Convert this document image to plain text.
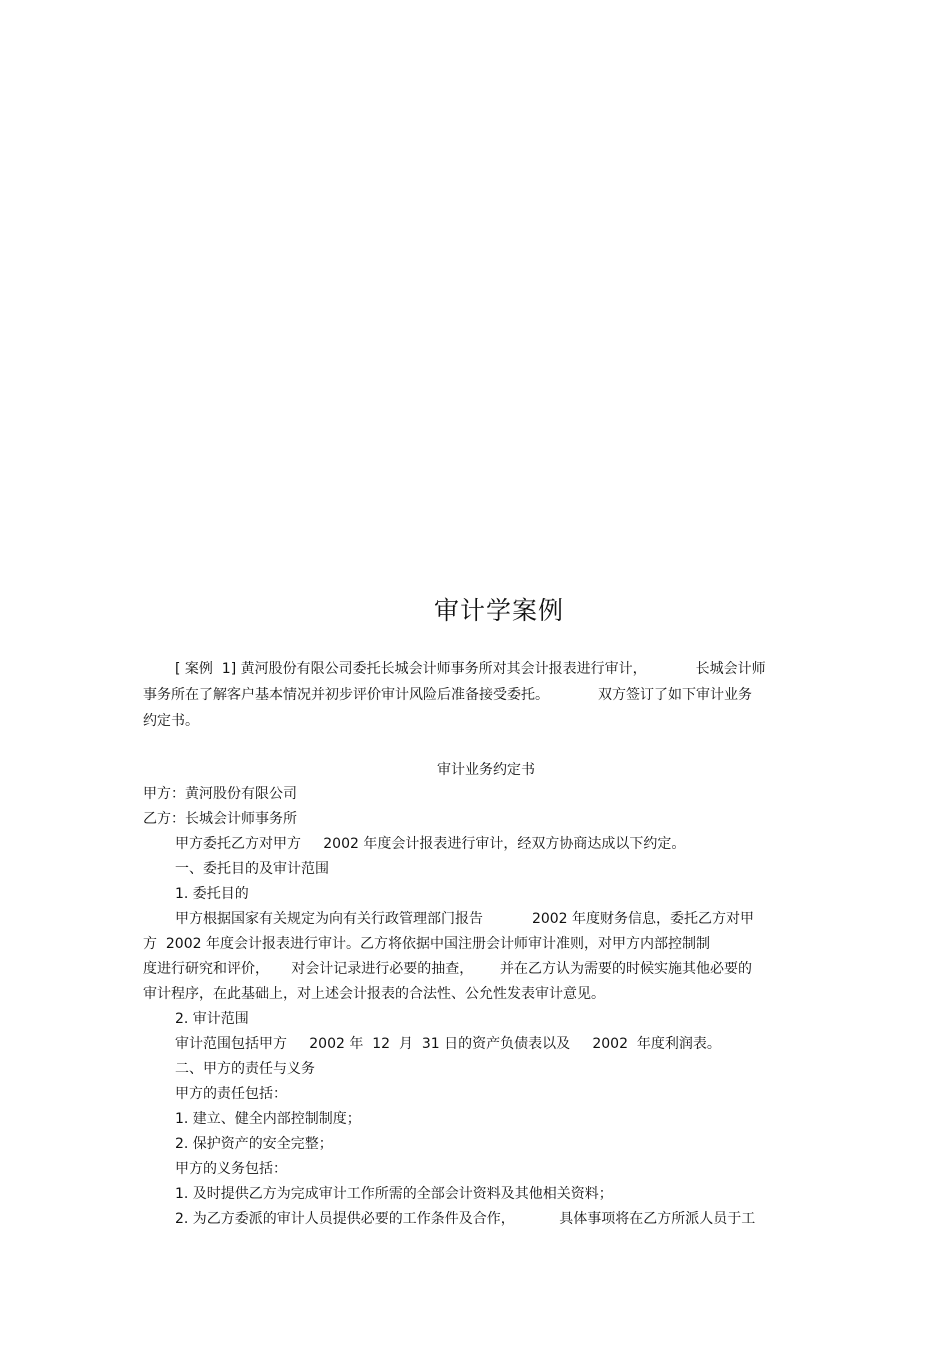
审计学案例
[ 案例  1] 黄河股份有限公司委托长城会计师事务所对其会计报表进行审计，           长城会计师
事务所在了解客户基本情况并初步评价审计风险后准备接受委托。           双方签订了如下审计业务
约定书。
审计业务约定书
甲方：黄河股份有限公司
乙方：长城会计师事务所
甲方委托乙方对甲方     2002 年度会计报表进行审计，经双方协商达成以下约定。
一、委托目的及审计范围
1. 委托目的
甲方根据国家有关规定为向有关行政管理部门报告           2002 年度财务信息，委托乙方对甲
方  2002 年度会计报表进行审计。乙方将依据中国注册会计师审计准则，对甲方内部控制制
度进行研究和评价，     对会计记录进行必要的抽查，      并在乙方认为需要的时候实施其他必要的
审计程序，在此基础上，对上述会计报表的合法性、公允性发表审计意见。
2. 审计范围
审计范围包括甲方     2002 年  12  月  31 日的资产负债表以及     2002  年度利润表。
二、甲方的责任与义务
甲方的责任包括：
1. 建立、健全内部控制制度；
2. 保护资产的安全完整；
甲方的义务包括：
1. 及时提供乙方为完成审计工作所需的全部会计资料及其他相关资料；
2. 为乙方委派的审计人员提供必要的工作条件及合作，          具体事项将在乙方所派人员于工
